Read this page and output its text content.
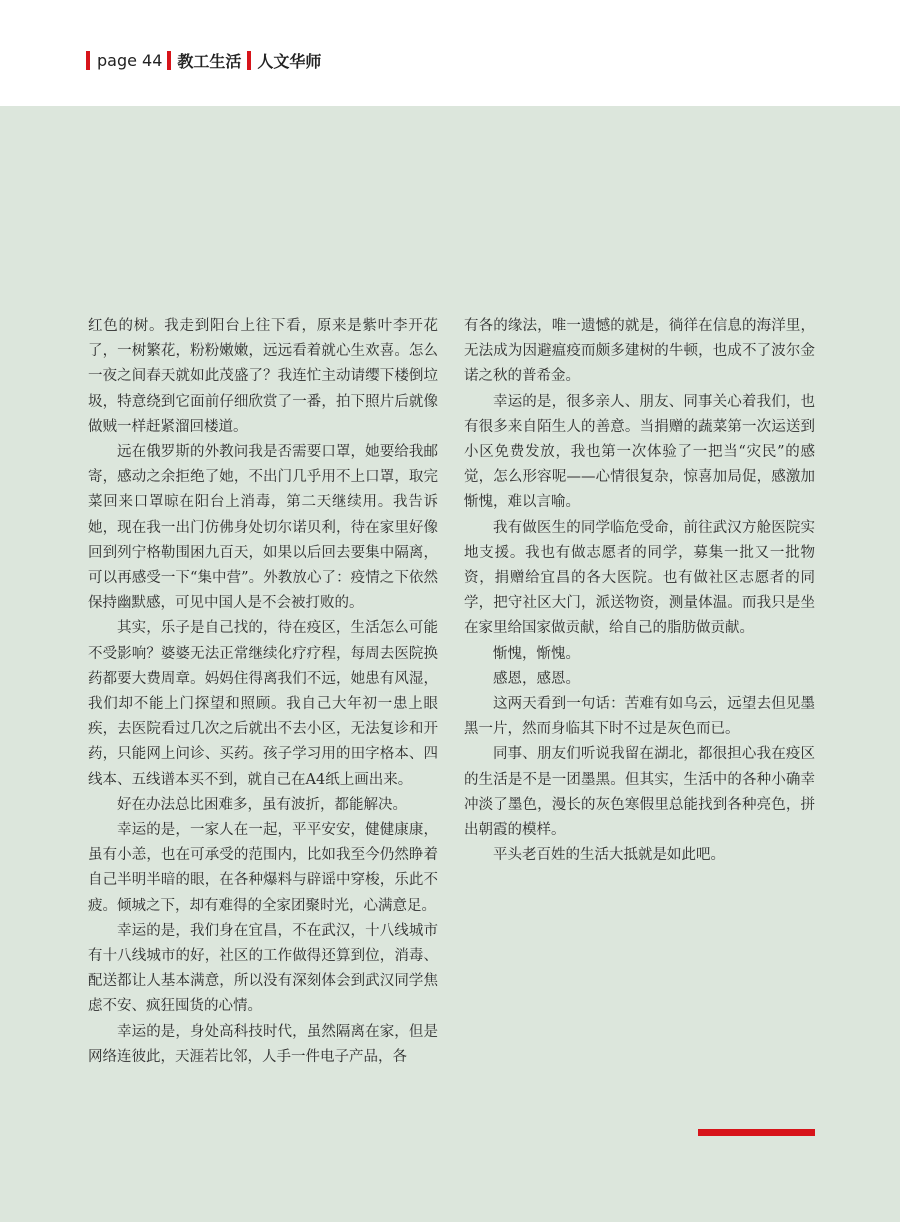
page 44 教工生活 人文华师

红色的树。我走到阳台上往下看，原来是紫叶李开花了，一树繁花，粉粉嫩嫩，远远看着就心生欢喜。怎么一夜之间春天就如此茂盛了？我连忙主动请缨下楼倒垃圾，特意绕到它面前仔细欣赏了一番，拍下照片后就像做贼一样赶紧溜回楼道。

远在俄罗斯的外教问我是否需要口罩，她要给我邮寄，感动之余拒绝了她，不出门几乎用不上口罩，取完菜回来口罩晾在阳台上消毒，第二天继续用。我告诉她，现在我一出门仿佛身处切尔诺贝利，待在家里好像回到列宁格勒围困九百天，如果以后回去要集中隔离，可以再感受一下“集中营”。外教放心了：疫情之下依然保持幽默感，可见中国人是不会被打败的。

其实，乐子是自己找的，待在疫区，生活怎么可能不受影响？婆婆无法正常继续化疗疗程，每周去医院换药都要大费周章。妈妈住得离我们不远，她患有风湿，我们却不能上门探望和照顾。我自己大年初一患上眼疾，去医院看过几次之后就出不去小区，无法复诊和开药，只能网上问诊、买药。孩子学习用的田字格本、四线本、五线谱本买不到，就自己在A4纸上画出来。

好在办法总比困难多，虽有波折，都能解决。

幸运的是，一家人在一起，平平安安，健健康康，虽有小恙，也在可承受的范围内，比如我至今仍然睁着自己半明半暗的眼，在各种爆料与辟谣中穿梭，乐此不疲。倾城之下，却有难得的全家团聚时光，心满意足。

幸运的是，我们身在宜昌，不在武汉，十八线城市有十八线城市的好，社区的工作做得还算到位，消毒、配送都让人基本满意，所以没有深刻体会到武汉同学焦虑不安、疯狂囤货的心情。

幸运的是，身处高科技时代，虽然隔离在家，但是网络连彼此，天涯若比邻，人手一件电子产品，各

有各的缘法，唯一遗憾的就是，徜徉在信息的海洋里，无法成为因避瘟疫而颇多建树的牛顿，也成不了波尔金诺之秋的普希金。

幸运的是，很多亲人、朋友、同事关心着我们，也有很多来自陌生人的善意。当捐赠的蔬菜第一次运送到小区免费发放，我也第一次体验了一把当“灾民”的感觉，怎么形容呢——心情很复杂，惊喜加局促，感激加惭愧，难以言喻。

我有做医生的同学临危受命，前往武汉方舱医院实地支援。我也有做志愿者的同学，募集一批又一批物资，捐赠给宜昌的各大医院。也有做社区志愿者的同学，把守社区大门，派送物资，测量体温。而我只是坐在家里给国家做贡献，给自己的脂肪做贡献。

惭愧，惭愧。

感恩，感恩。

这两天看到一句话：苦难有如乌云，远望去但见墨黑一片，然而身临其下时不过是灰色而已。

同事、朋友们听说我留在湖北，都很担心我在疫区的生活是不是一团墨黑。但其实，生活中的各种小确幸冲淡了墨色，漫长的灰色寒假里总能找到各种亮色，拼出朝霞的模样。

平头老百姓的生活大抵就是如此吧。
